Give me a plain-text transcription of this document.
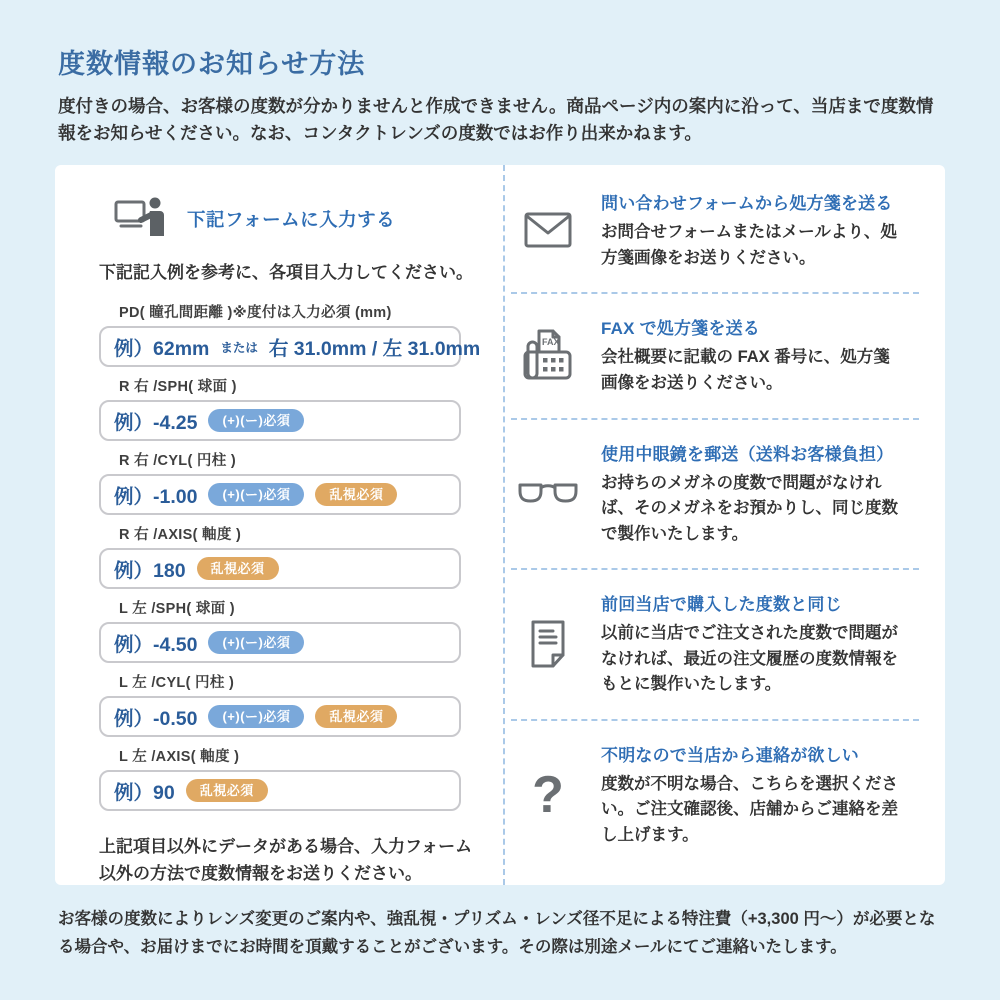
度数情報のお知らせ方法

度付きの場合、お客様の度数が分かりませんと作成できません。商品ページ内の案内に沿って、当店まで度数情報をお知らせください。なお、コンタクトレンズの度数ではお作り出来かねます。

下記フォームに入力する

下記記入例を参考に、各項目入力してください。

PD( 瞳孔間距離 )※度付は入力必須 (mm)
例）62mm または 右 31.0mm / 左 31.0mm
R 右 /SPH( 球面 )
例）-4.25	(+)(ー)必須
R 右 /CYL( 円柱 )
例）-1.00	(+)(ー)必須	乱視必須
R 右 /AXIS( 軸度 )
例）180	乱視必須
L 左 /SPH( 球面 )
例）-4.50	(+)(ー)必須
L 左 /CYL( 円柱 )
例）-0.50	(+)(ー)必須	乱視必須
L 左 /AXIS( 軸度 )
例）90	乱視必須

上記項目以外にデータがある場合、入力フォーム以外の方法で度数情報をお送りください。

問い合わせフォームから処方箋を送る
お問合せフォームまたはメールより、処方箋画像をお送りください。
FAX
FAX で処方箋を送る
会社概要に記載の FAX 番号に、処方箋画像をお送りください。
使用中眼鏡を郵送（送料お客様負担）
お持ちのメガネの度数で問題がなければ、そのメガネをお預かりし、同じ度数で製作いたします。
前回当店で購入した度数と同じ
以前に当店でご注文された度数で問題がなければ、最近の注文履歴の度数情報をもとに製作いたします。
?
不明なので当店から連絡が欲しい
度数が不明な場合、こちらを選択ください。ご注文確認後、店舗からご連絡を差し上げます。

お客様の度数によりレンズ変更のご案内や、強乱視・プリズム・レンズ径不足による特注費（+3,300 円〜）が必要となる場合や、お届けまでにお時間を頂戴することがございます。その際は別途メールにてご連絡いたします。
